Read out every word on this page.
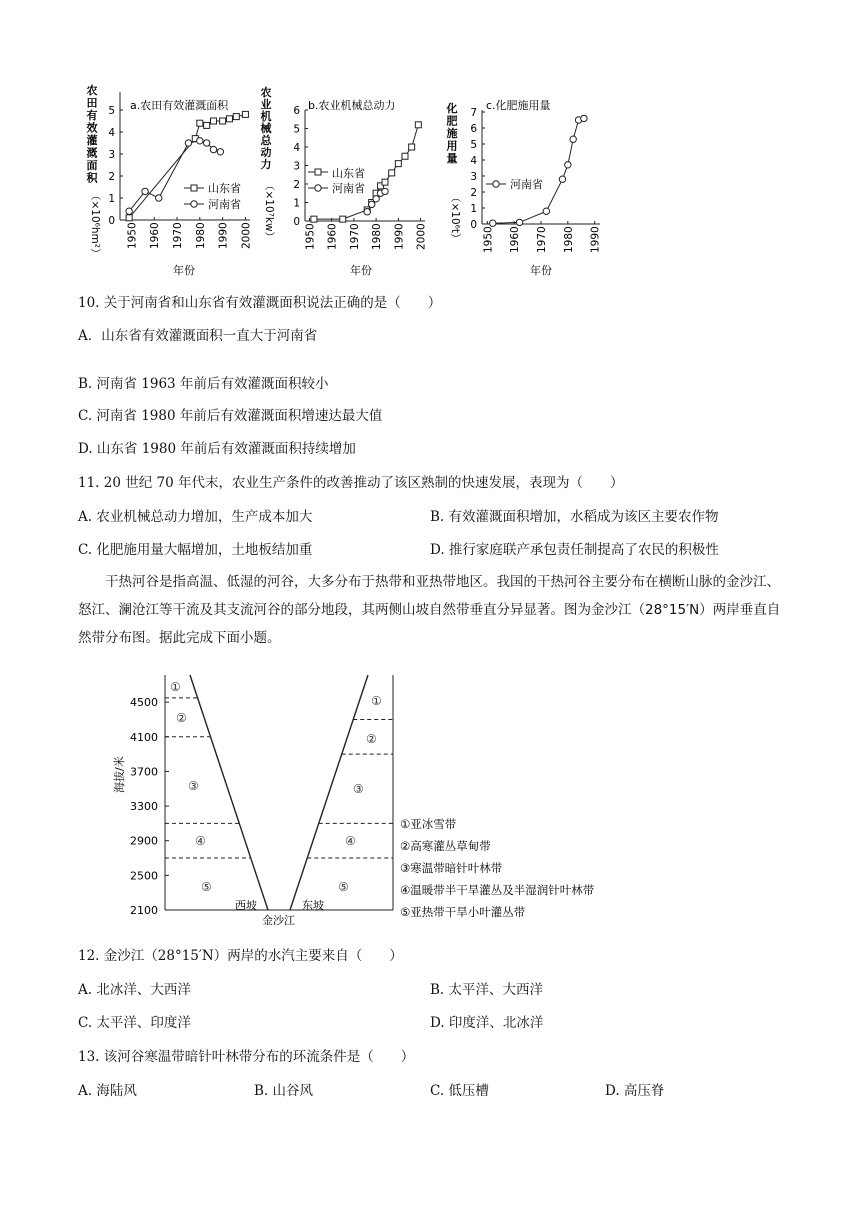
农
田
有
效
灌
溉
面
积
（×10⁶hm²）
a.农田有效灌溉面积
0
1
2
3
4
5
1950 1960 1970 1980 1990 2000
年份
山东省
河南省
农
业
机
械
总
动
力
（×10⁷kw）
b.农业机械总动力
0
1
2
3
4
5
6
1950 1960 1970 1980 1990 2000
年份
山东省
河南省
化
肥
施
用
量
（×10⁶t）
c.化肥施用量
0
1
2
3
4
5
6
7
1950 1960 1970 1980 1990
年份
河南省
10. 关于河南省和山东省有效灌溉面积说法正确的是（　　）
A．山东省有效灌溉面积一直大于河南省
B. 河南省 1963 年前后有效灌溉面积较小
C. 河南省 1980 年前后有效灌溉面积增速达最大值
D. 山东省 1980 年前后有效灌溉面积持续增加
11. 20 世纪 70 年代末，农业生产条件的改善推动了该区熟制的快速发展，表现为（　　）
A. 农业机械总动力增加，生产成本加大	B. 有效灌溉面积增加，水稻成为该区主要农作物
C. 化肥施用量大幅增加，土地板结加重	D. 推行家庭联产承包责任制提高了农民的积极性
干热河谷是指高温、低湿的河谷，大多分布于热带和亚热带地区。我国的干热河谷主要分布在横断山脉的金沙江、怒江、澜沧江等干流及其支流河谷的部分地段，其两侧山坡自然带垂直分异显著。图为金沙江（28°15′N）两岸垂直自然带分布图。据此完成下面小题。
2100
2500
2900
3300
3700
4100
4500
海拔/米
①
②
③
④
⑤
①
②
③
④
⑤
西坡	东坡
金沙江
①亚冰雪带
②高寒灌丛草甸带
③寒温带暗针叶林带
④温暖带半干旱灌丛及半湿润针叶林带
⑤亚热带干旱小叶灌丛带
12. 金沙江（28°15′N）两岸的水汽主要来自（　　）
A. 北冰洋、大西洋	B. 太平洋、大西洋
C. 太平洋、印度洋	D. 印度洋、北冰洋
13. 该河谷寒温带暗针叶林带分布的环流条件是（　　）
A. 海陆风	B. 山谷风	C. 低压槽	D. 高压脊
